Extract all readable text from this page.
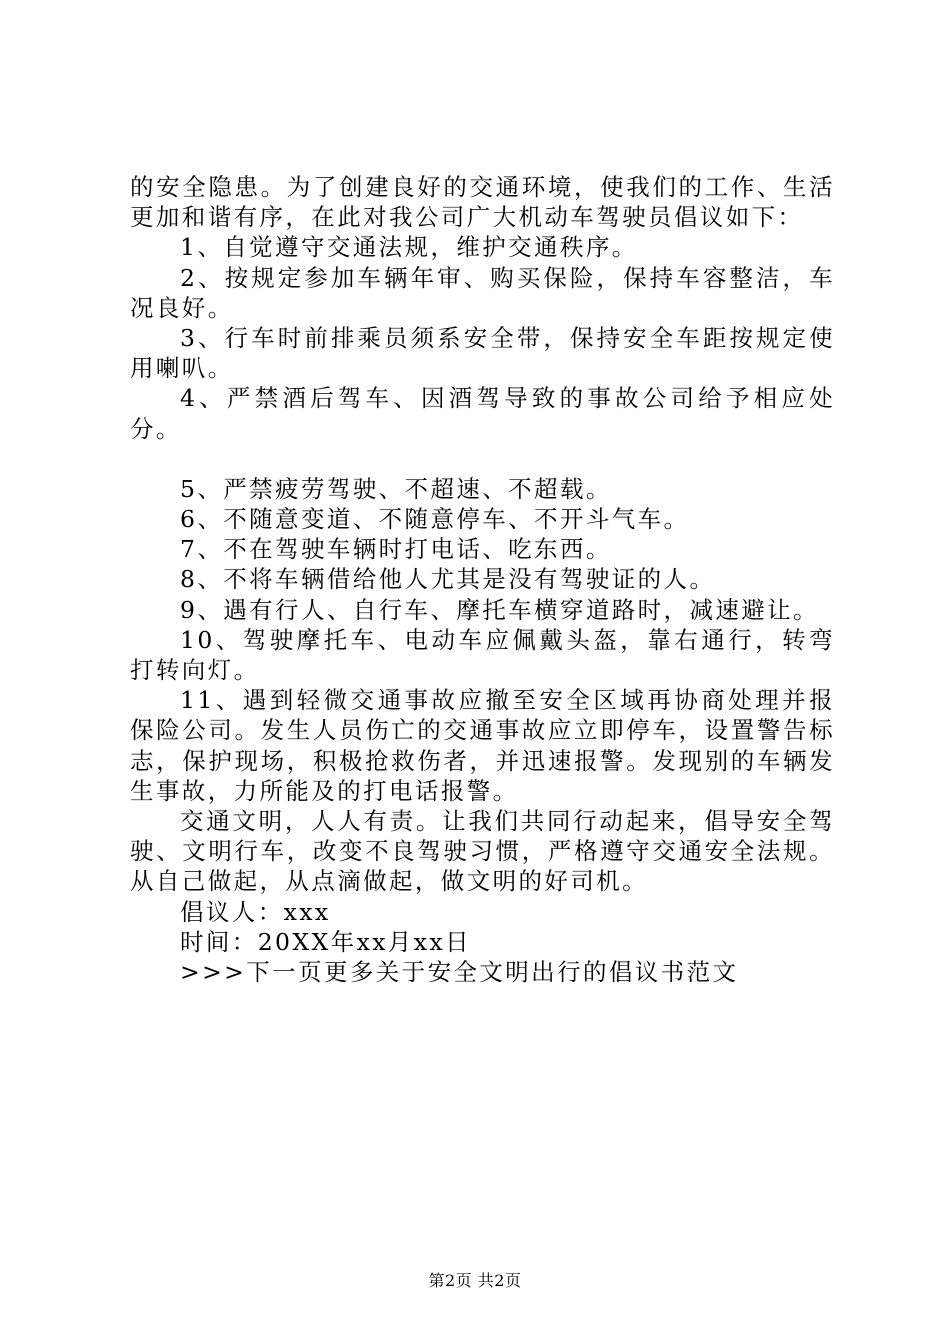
的安全隐患。为了创建良好的交通环境，使我们的工作、生活更加和谐有序，在此对我公司广大机动车驾驶员倡议如下：

1、自觉遵守交通法规，维护交通秩序。

2、按规定参加车辆年审、购买保险，保持车容整洁，车况良好。

3、行车时前排乘员须系安全带，保持安全车距按规定使用喇叭。

4、严禁酒后驾车、因酒驾导致的事故公司给予相应处分。

5、严禁疲劳驾驶、不超速、不超载。

6、不随意变道、不随意停车、不开斗气车。

7、不在驾驶车辆时打电话、吃东西。

8、不将车辆借给他人尤其是没有驾驶证的人。

9、遇有行人、自行车、摩托车横穿道路时，减速避让。

10、驾驶摩托车、电动车应佩戴头盔，靠右通行，转弯打转向灯。

11、遇到轻微交通事故应撤至安全区域再协商处理并报保险公司。发生人员伤亡的交通事故应立即停车，设置警告标志，保护现场，积极抢救伤者，并迅速报警。发现别的车辆发生事故，力所能及的打电话报警。

交通文明，人人有责。让我们共同行动起来，倡导安全驾驶、文明行车，改变不良驾驶习惯，严格遵守交通安全法规。从自己做起，从点滴做起，做文明的好司机。

倡议人：xxx

时间：20XX年xx月xx日

>>>下一页更多关于安全文明出行的倡议书范文

第2页 共2页
